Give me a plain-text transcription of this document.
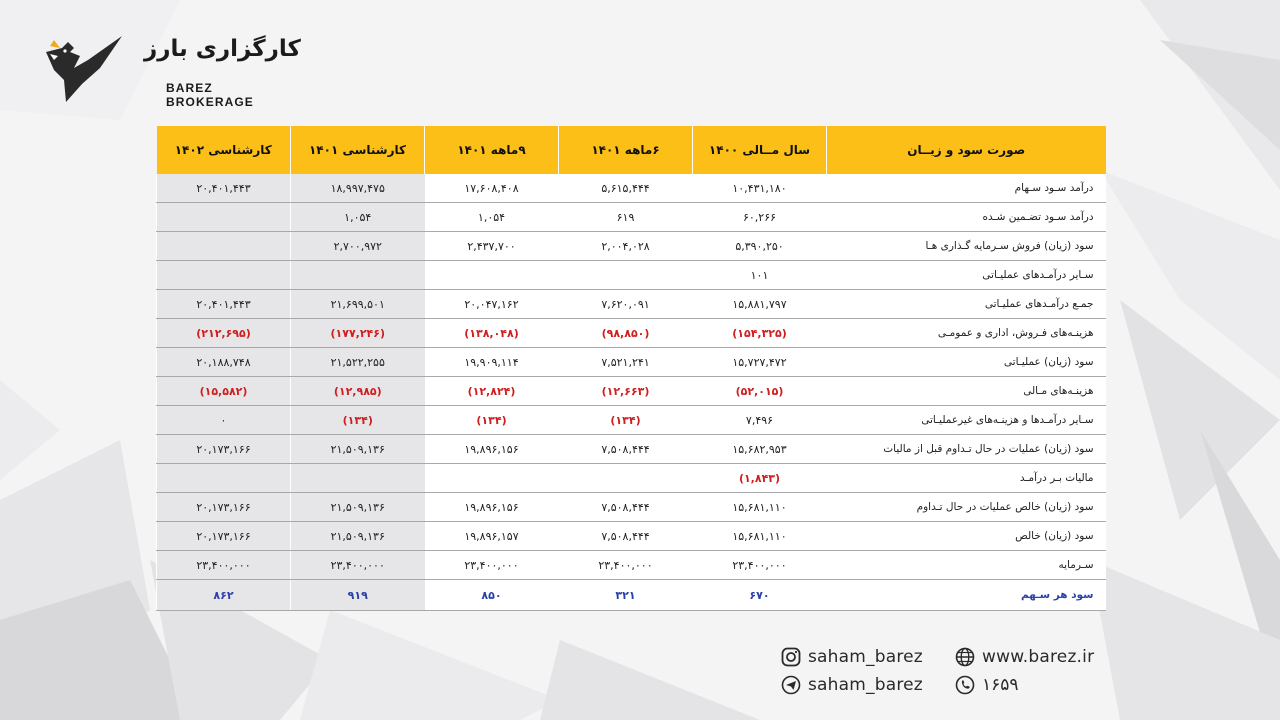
کارگزاری بارز
BAREZ BROKERAGE
صورت سود و زیــان	سال مــالی ۱۴۰۰	۶ماهه ۱۴۰۱	۹ماهه ۱۴۰۱	کارشناسی ۱۴۰۱	کارشناسی ۱۴۰۲
درآمد سـود سـهام	۱۰,۴۳۱,۱۸۰	۵,۶۱۵,۴۴۴	۱۷,۶۰۸,۴۰۸	۱۸,۹۹۷,۴۷۵	۲۰,۴۰۱,۴۴۳
درآمد سـود تضـمین شـده	۶۰,۲۶۶	۶۱۹	۱,۰۵۴	۱,۰۵۴	
سود (زیان) فروش سـرمایه گـذاری هـا	۵,۳۹۰,۲۵۰	۲,۰۰۴,۰۲۸	۲,۴۳۷,۷۰۰	۲,۷۰۰,۹۷۲	
سـایر درآمـدهای عملیـاتی	۱۰۱				
جمـع درآمـدهای عملیـاتی	۱۵,۸۸۱,۷۹۷	۷,۶۲۰,۰۹۱	۲۰,۰۴۷,۱۶۲	۲۱,۶۹۹,۵۰۱	۲۰,۴۰۱,۴۴۳
هزینـه‌های فـروش، اداری و عمومـی	(۱۵۴,۳۲۵)	(۹۸,۸۵۰)	(۱۳۸,۰۴۸)	(۱۷۷,۲۴۶)	(۲۱۲,۶۹۵)
سود (زیان) عملیـاتی	۱۵,۷۲۷,۴۷۲	۷,۵۲۱,۲۴۱	۱۹,۹۰۹,۱۱۴	۲۱,۵۲۲,۲۵۵	۲۰,۱۸۸,۷۴۸
هزینـه‌های مـالی	(۵۲,۰۱۵)	(۱۲,۶۶۳)	(۱۲,۸۲۴)	(۱۲,۹۸۵)	(۱۵,۵۸۲)
سـایر درآمـدها و هزینـه‌های غیرعملیـاتی	۷,۴۹۶	(۱۳۴)	(۱۳۴)	(۱۳۴)	۰
سود (زیان) عملیات در حال تـداوم قبل از مالیات	۱۵,۶۸۲,۹۵۳	۷,۵۰۸,۴۴۴	۱۹,۸۹۶,۱۵۶	۲۱,۵۰۹,۱۳۶	۲۰,۱۷۳,۱۶۶
مالیات بـر درآمـد	(۱,۸۴۳)				
سود (زیان) خالص عملیات در حال تـداوم	۱۵,۶۸۱,۱۱۰	۷,۵۰۸,۴۴۴	۱۹,۸۹۶,۱۵۶	۲۱,۵۰۹,۱۳۶	۲۰,۱۷۳,۱۶۶
سود (زیان) خالص	۱۵,۶۸۱,۱۱۰	۷,۵۰۸,۴۴۴	۱۹,۸۹۶,۱۵۷	۲۱,۵۰۹,۱۳۶	۲۰,۱۷۳,۱۶۶
سـرمایه	۲۳,۴۰۰,۰۰۰	۲۳,۴۰۰,۰۰۰	۲۳,۴۰۰,۰۰۰	۲۳,۴۰۰,۰۰۰	۲۳,۴۰۰,۰۰۰
سود هر سـهم	۶۷۰	۳۲۱	۸۵۰	۹۱۹	۸۶۲
saham_barez	www.barez.ir
saham_barez	۱۶۵۹
